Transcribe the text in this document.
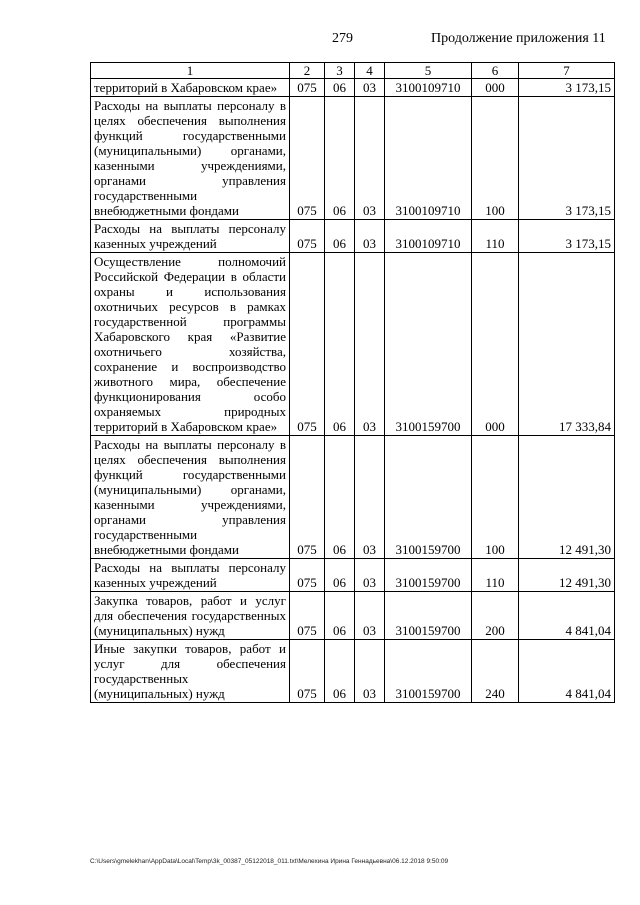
279	Продолжение приложения 11
1	2	3	4	5	6	7
территорий в Хабаровском крае»	075	06	03	3100109710	000	3 173,15
Расходы на выплаты персоналу в целях обеспечения выполнения функций государственными (муниципальными) органами, казенными учреждениями, органами управления государственными внебюджетными фондами	075	06	03	3100109710	100	3 173,15
Расходы на выплаты персоналу казенных учреждений	075	06	03	3100109710	110	3 173,15
Осуществление полномочий Российской Федерации в области охраны и использования охотничьих ресурсов в рамках государственной программы Хабаровского края «Развитие охотничьего хозяйства, сохранение и воспроизводство животного мира, обеспечение функционирования особо охраняемых природных территорий в Хабаровском крае»	075	06	03	3100159700	000	17 333,84
Расходы на выплаты персоналу в целях обеспечения выполнения функций государственными (муниципальными) органами, казенными учреждениями, органами управления государственными внебюджетными фондами	075	06	03	3100159700	100	12 491,30
Расходы на выплаты персоналу казенных учреждений	075	06	03	3100159700	110	12 491,30
Закупка товаров, работ и услуг для обеспечения государственных (муниципальных) нужд	075	06	03	3100159700	200	4 841,04
Иные закупки товаров, работ и услуг для обеспечения государственных (муниципальных) нужд	075	06	03	3100159700	240	4 841,04
C:\Users\gmelekhan\AppData\Local\Temp\3k_00387_05122018_011.txt\Мелехина Ирина Геннадьевна\06.12.2018 9:50:09
